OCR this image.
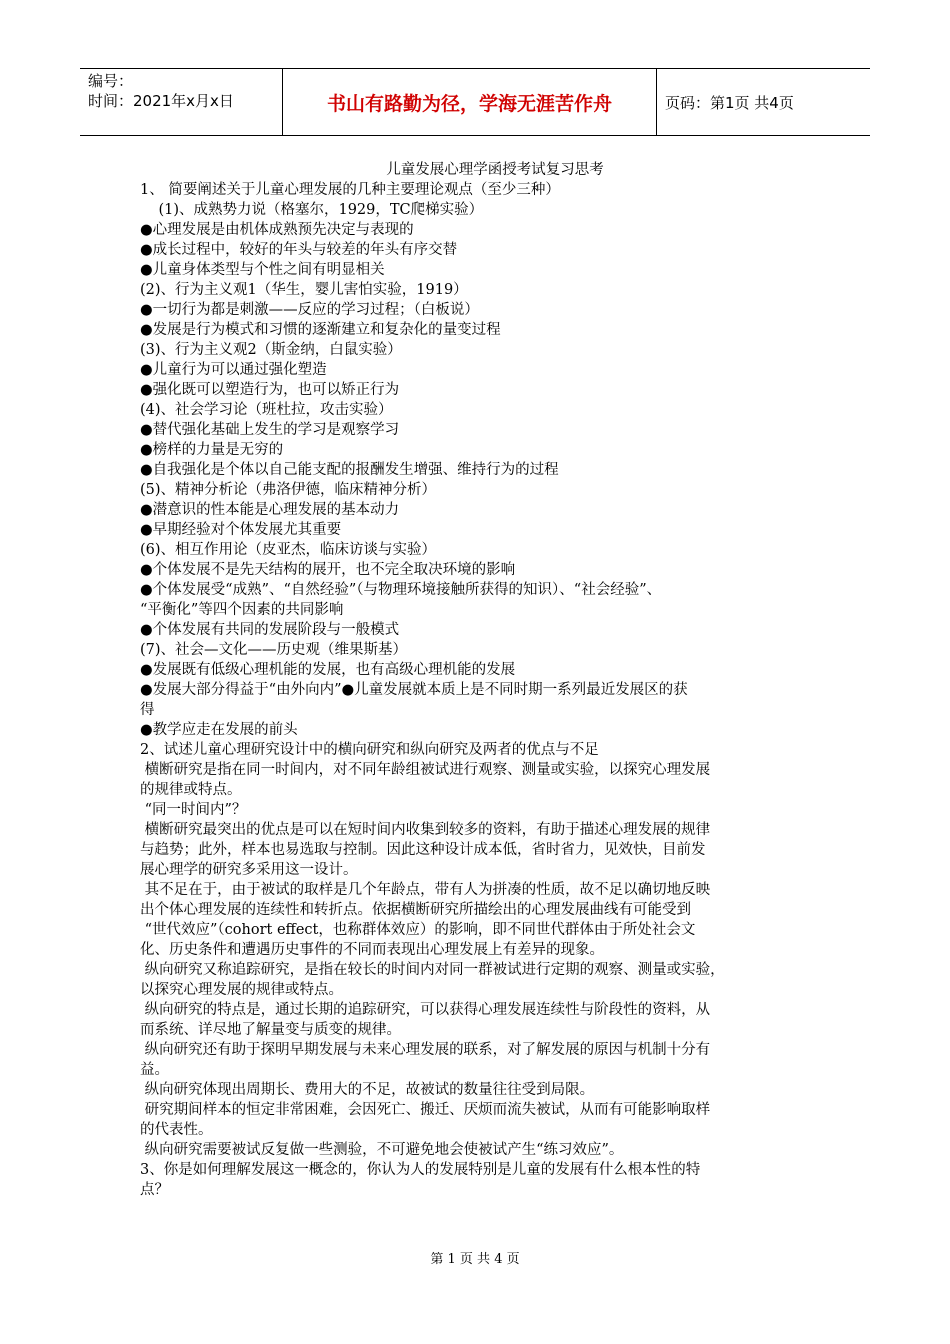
编号：
时间：2021年x月x日	书山有路勤为径，学海无涯苦作舟	页码：第1页 共4页
儿童发展心理学函授考试复习思考
1、 简要阐述关于儿童心理发展的几种主要理论观点（至少三种）
(1)、成熟势力说（格塞尔，1929，TC爬梯实验）
●心理发展是由机体成熟预先决定与表现的
●成长过程中，较好的年头与较差的年头有序交替
●儿童身体类型与个性之间有明显相关
(2)、行为主义观1（华生，婴儿害怕实验，1919）
●一切行为都是刺激——反应的学习过程；（白板说）
●发展是行为模式和习惯的逐渐建立和复杂化的量变过程
(3)、行为主义观2（斯金纳，白鼠实验）
●儿童行为可以通过强化塑造
●强化既可以塑造行为，也可以矫正行为
(4)、社会学习论（班杜拉，攻击实验）
●替代强化基础上发生的学习是观察学习
●榜样的力量是无穷的
●自我强化是个体以自己能支配的报酬发生增强、维持行为的过程
(5)、精神分析论（弗洛伊德，临床精神分析）
●潜意识的性本能是心理发展的基本动力
●早期经验对个体发展尤其重要
(6)、相互作用论（皮亚杰，临床访谈与实验）
●个体发展不是先天结构的展开，也不完全取决环境的影响
●个体发展受“成熟”、“自然经验”（与物理环境接触所获得的知识）、“社会经验”、
“平衡化”等四个因素的共同影响
●个体发展有共同的发展阶段与一般模式
(7)、社会—文化——历史观（维果斯基）
●发展既有低级心理机能的发展，也有高级心理机能的发展
●发展大部分得益于“由外向内”●儿童发展就本质上是不同时期一系列最近发展区的获
得
●教学应走在发展的前头
2、试述儿童心理研究设计中的横向研究和纵向研究及两者的优点与不足
横断研究是指在同一时间内，对不同年龄组被试进行观察、测量或实验，以探究心理发展
的规律或特点。
“同一时间内”？
横断研究最突出的优点是可以在短时间内收集到较多的资料，有助于描述心理发展的规律
与趋势；此外，样本也易选取与控制。因此这种设计成本低，省时省力，见效快，目前发
展心理学的研究多采用这一设计。
其不足在于，由于被试的取样是几个年龄点，带有人为拼凑的性质，故不足以确切地反映
出个体心理发展的连续性和转折点。依据横断研究所描绘出的心理发展曲线有可能受到
“世代效应”（cohort effect，也称群体效应）的影响，即不同世代群体由于所处社会文
化、历史条件和遭遇历史事件的不同而表现出心理发展上有差异的现象。
纵向研究又称追踪研究，是指在较长的时间内对同一群被试进行定期的观察、测量或实验，
以探究心理发展的规律或特点。
纵向研究的特点是，通过长期的追踪研究，可以获得心理发展连续性与阶段性的资料，从
而系统、详尽地了解量变与质变的规律。
纵向研究还有助于探明早期发展与未来心理发展的联系，对了解发展的原因与机制十分有
益。
纵向研究体现出周期长、费用大的不足，故被试的数量往往受到局限。
研究期间样本的恒定非常困难，会因死亡、搬迁、厌烦而流失被试，从而有可能影响取样
的代表性。
纵向研究需要被试反复做一些测验，不可避免地会使被试产生“练习效应”。
3、你是如何理解发展这一概念的，你认为人的发展特别是儿童的发展有什么根本性的特
点？
第 1 页 共 4 页
